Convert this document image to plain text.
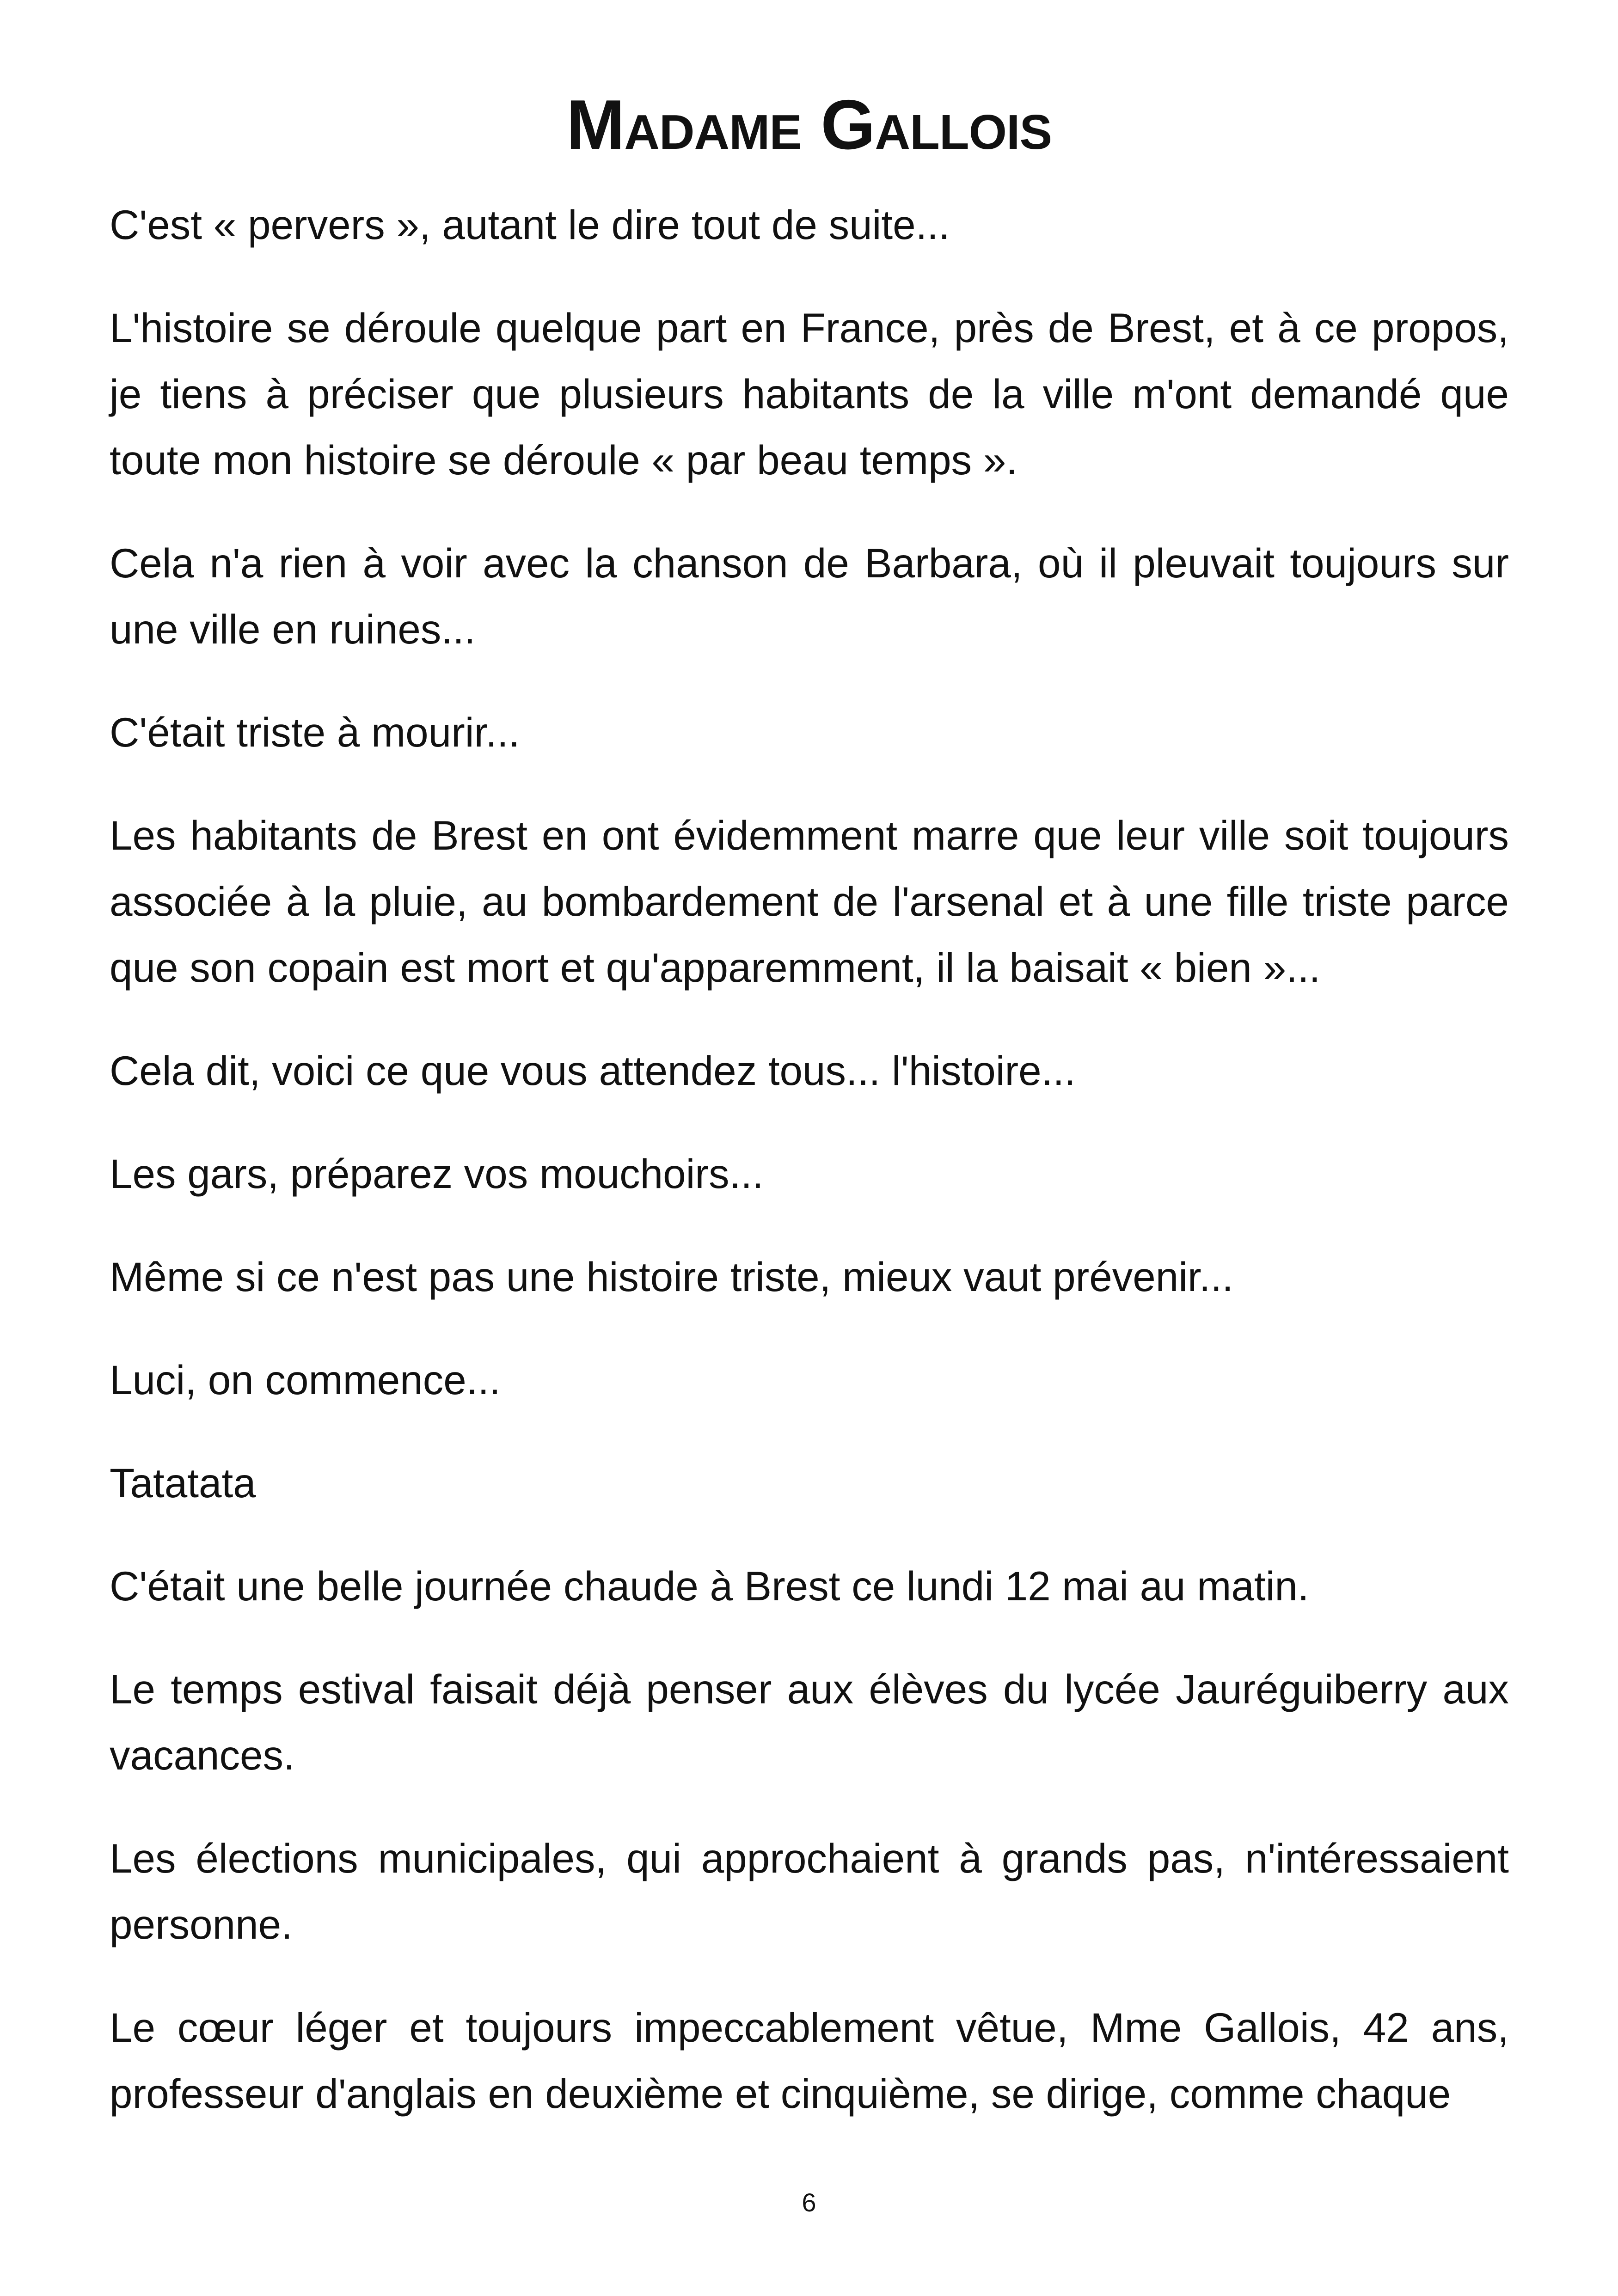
Madame Gallois

C'est « pervers », autant le dire tout de suite...

L'histoire se déroule quelque part en France, près de Brest, et à ce propos, je tiens à préciser que plusieurs habitants de la ville m'ont demandé que toute mon histoire se déroule « par beau temps ».

Cela n'a rien à voir avec la chanson de Barbara, où il pleuvait toujours sur une ville en ruines...

C'était triste à mourir...

Les habitants de Brest en ont évidemment marre que leur ville soit toujours associée à la pluie, au bombardement de l'arsenal et à une fille triste parce que son copain est mort et qu'apparemment, il la baisait « bien »...

Cela dit, voici ce que vous attendez tous... l'histoire...

Les gars, préparez vos mouchoirs...

Même si ce n'est pas une histoire triste, mieux vaut prévenir...

Luci, on commence...

Tatatata

C'était une belle journée chaude à Brest ce lundi 12 mai au matin.

Le temps estival faisait déjà penser aux élèves du lycée Jauréguiberry aux vacances.

Les élections municipales, qui approchaient à grands pas, n'intéressaient personne.

Le cœur léger et toujours impeccablement vêtue, Mme Gallois, 42 ans, professeur d'anglais en deuxième et cinquième, se dirige, comme chaque

6
